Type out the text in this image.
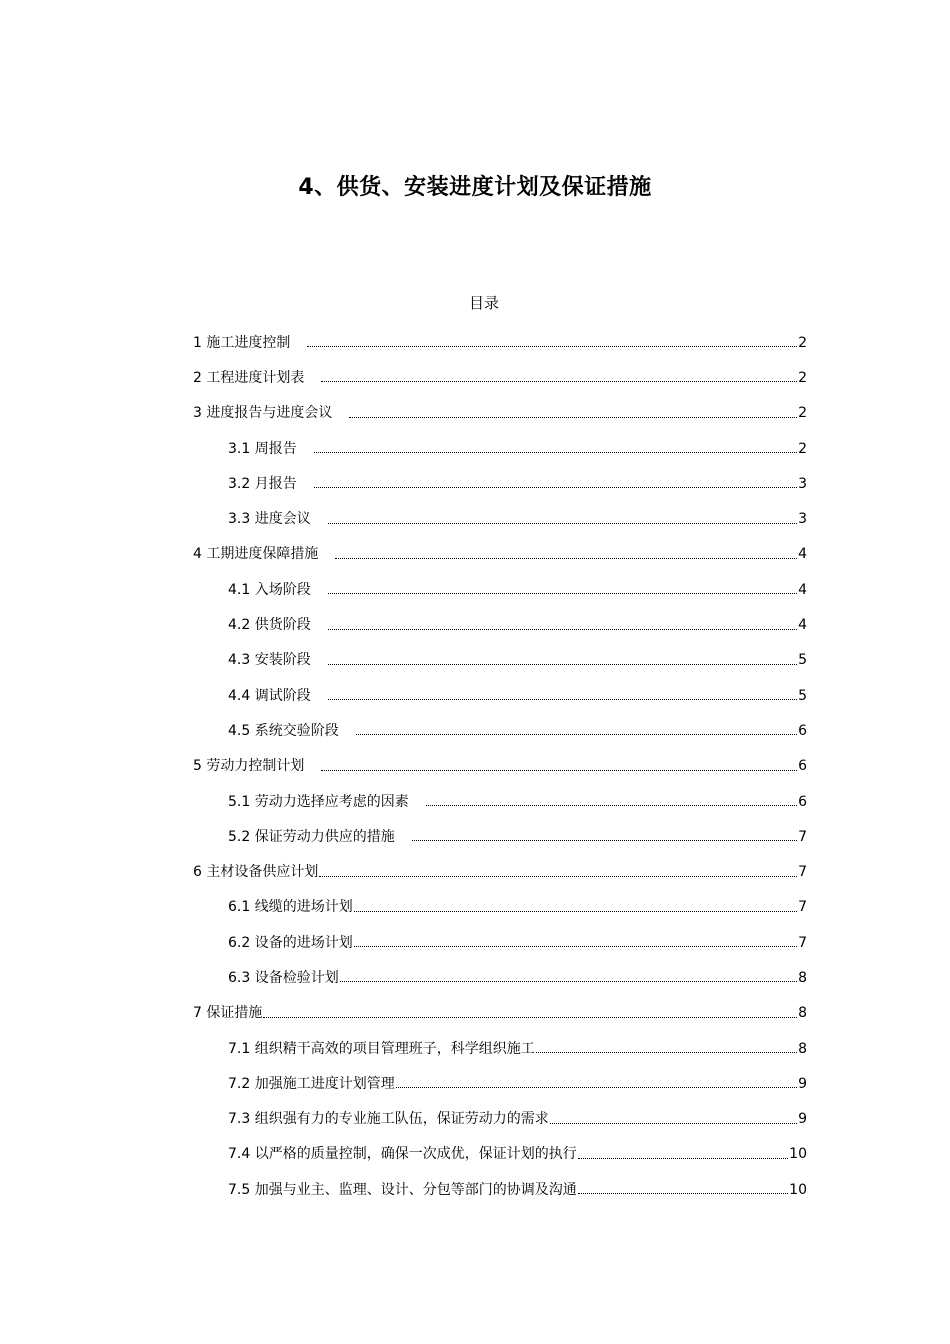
4、供货、安装进度计划及保证措施
目录
1 施工进度控制	2
2 工程进度计划表	2
3 进度报告与进度会议	2
3.1 周报告	2
3.2 月报告	3
3.3 进度会议	3
4 工期进度保障措施	4
4.1 入场阶段	4
4.2 供货阶段	4
4.3 安装阶段	5
4.4 调试阶段	5
4.5 系统交验阶段	6
5 劳动力控制计划	6
5.1 劳动力选择应考虑的因素	6
5.2 保证劳动力供应的措施	7
6 主材设备供应计划	7
6.1 线缆的进场计划	7
6.2 设备的进场计划	7
6.3 设备检验计划	8
7 保证措施	8
7.1 组织精干高效的项目管理班子，科学组织施工	8
7.2 加强施工进度计划管理	9
7.3 组织强有力的专业施工队伍，保证劳动力的需求	9
7.4 以严格的质量控制，确保一次成优，保证计划的执行	10
7.5 加强与业主、监理、设计、分包等部门的协调及沟通	10
